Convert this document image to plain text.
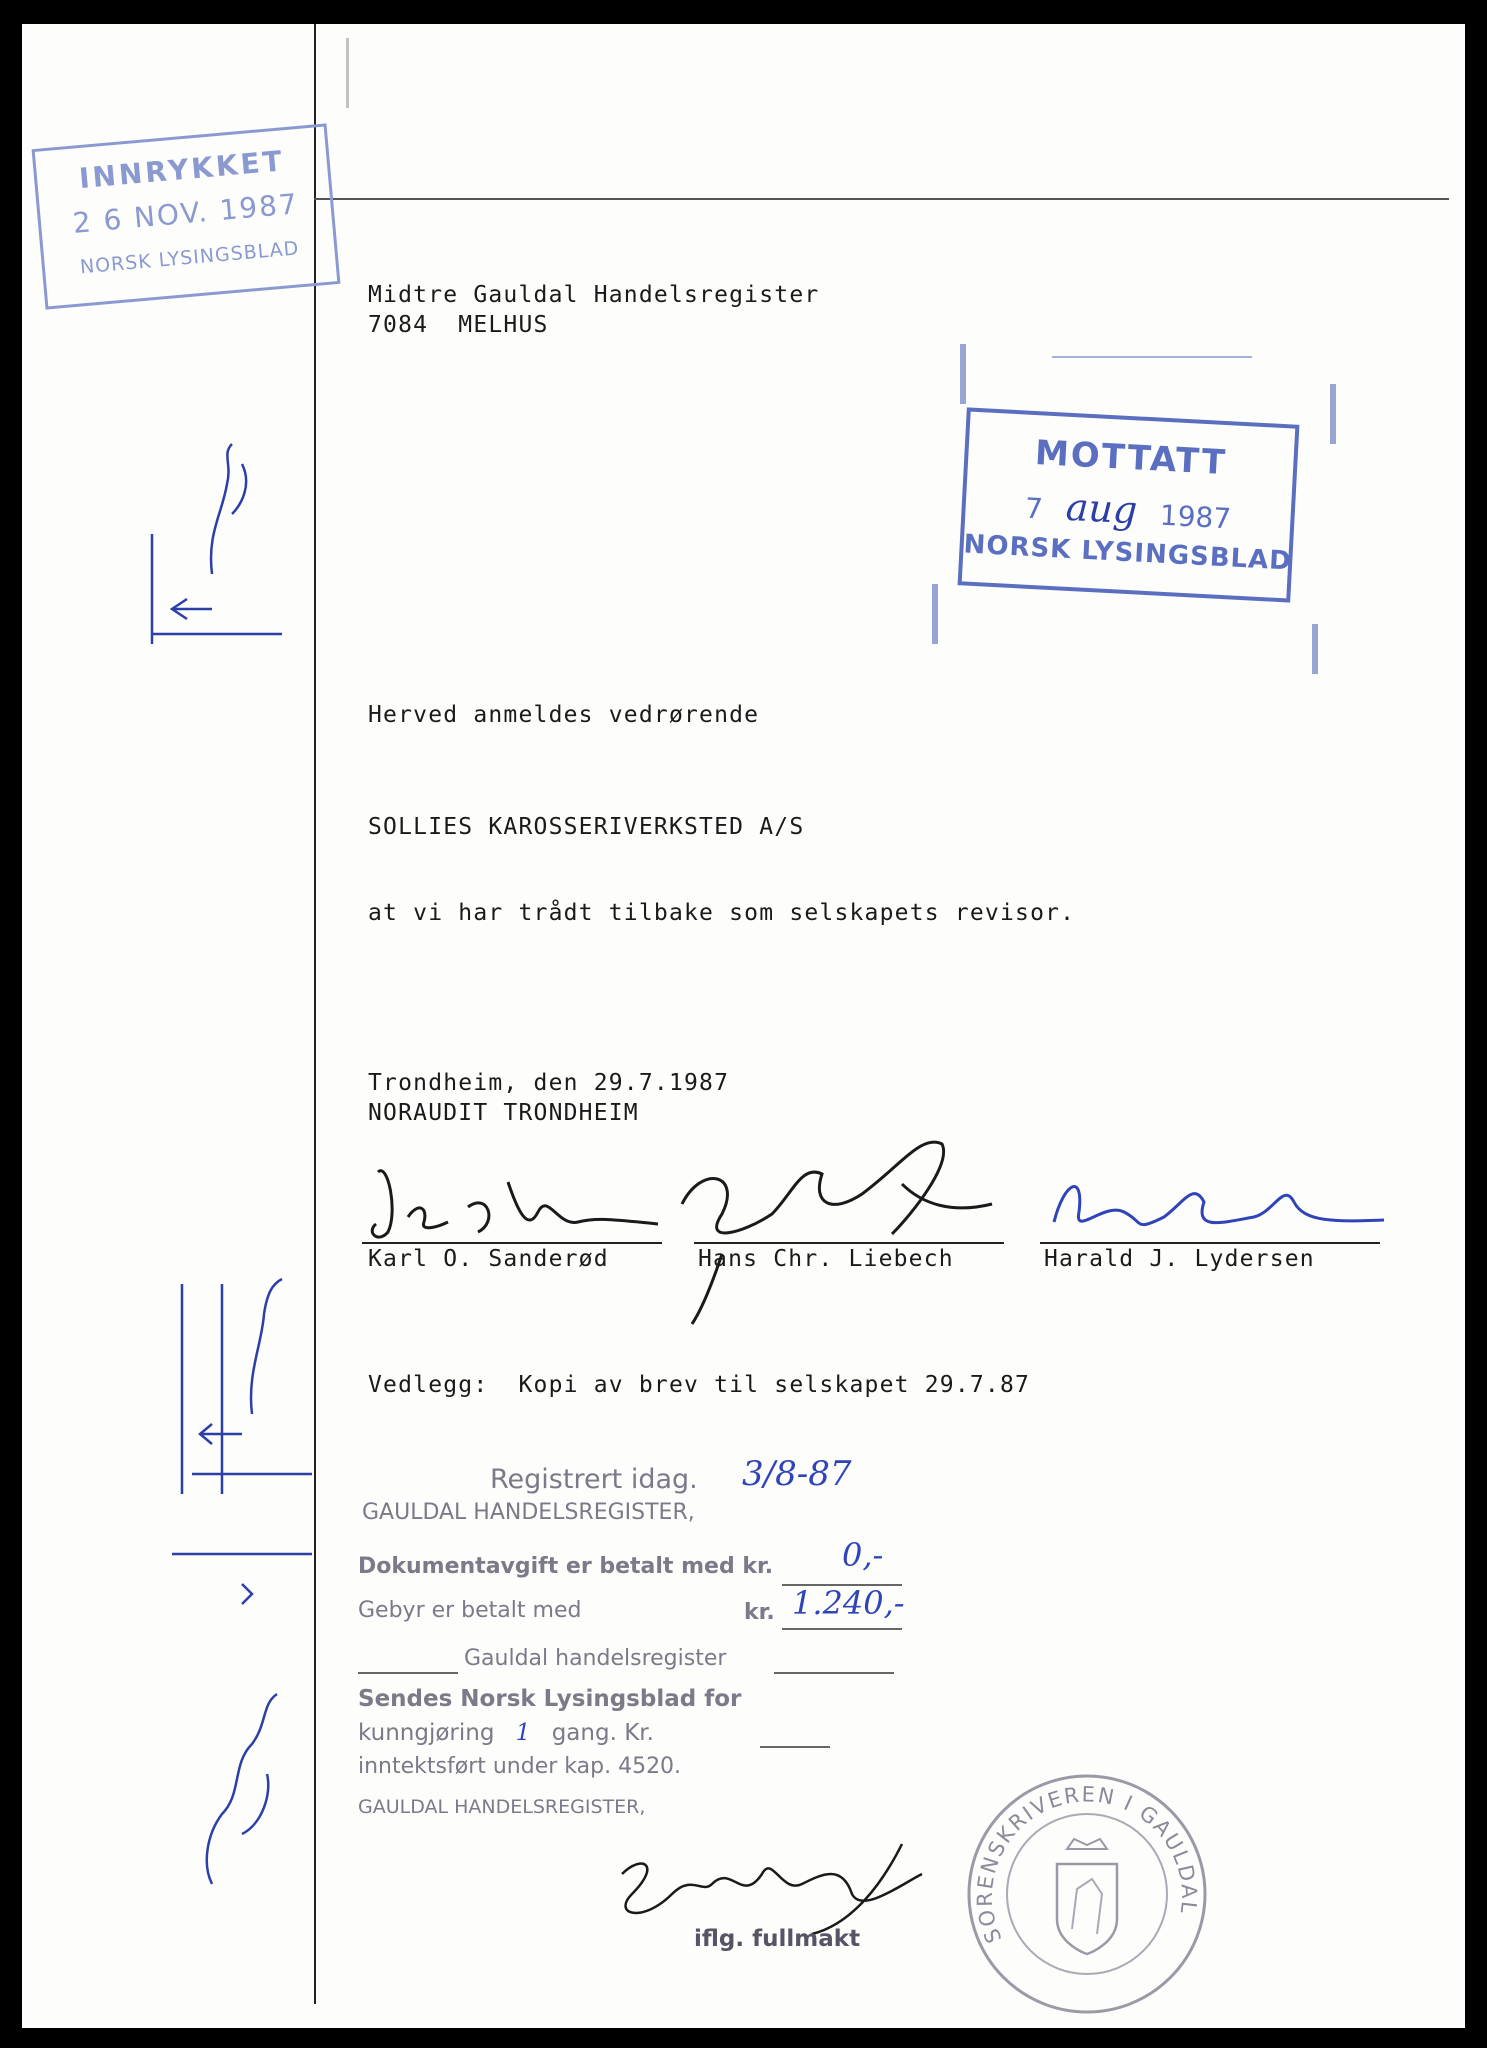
INNRYKKET
2 6 NOV. 1987
NORSK LYSINGSBLAD
Midtre Gauldal Handelsregister
7084  MELHUS
MOTTATT
7 aug 1987
NORSK LYSINGSBLAD
Herved anmeldes vedrørende
SOLLIES KAROSSERIVERKSTED A/S
at vi har trådt tilbake som selskapets revisor.
Trondheim, den 29.7.1987
NORAUDIT TRONDHEIM
Karl O. Sanderød	Hans Chr. Liebech	Harald J. Lydersen
Vedlegg:  Kopi av brev til selskapet 29.7.87
Registrert idag. 3/8-87
GAULDAL HANDELSREGISTER,
Dokumentavgift er betalt med kr. 0,-
Gebyr er betalt med	kr. 1.240,-
Gauldal handelsregister
Sendes Norsk Lysingsblad for
kunngjøring 1 gang. Kr.
inntektsført under kap. 4520.
GAULDAL HANDELSREGISTER,
iflg. fullmakt	SORENSKRIVEREN I GAULDAL
